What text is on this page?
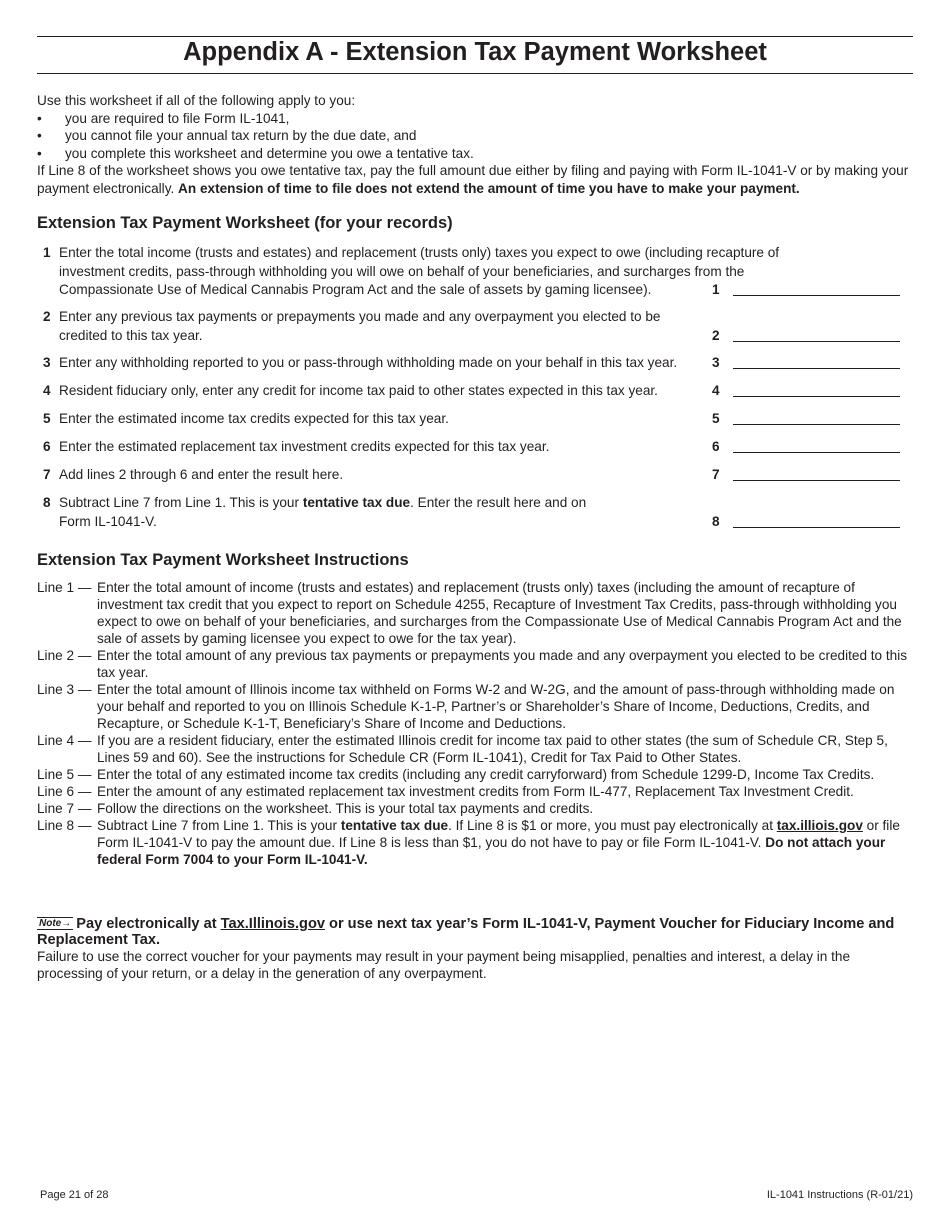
Appendix A - Extension Tax Payment Worksheet

Use this worksheet if all of the following apply to you:

• you are required to file Form IL-1041,
• you cannot file your annual tax return by the due date, and
• you complete this worksheet and determine you owe a tentative tax.

If Line 8 of the worksheet shows you owe tentative tax, pay the full amount due either by filing and paying with Form IL-1041-V or by making your payment electronically. An extension of time to file does not extend the amount of time you have to make your payment.

Extension Tax Payment Worksheet (for your records)
1 Enter the total income (trusts and estates) and replacement (trusts only) taxes you expect to owe (including recapture of investment credits, pass-through withholding you will owe on behalf of your beneficiaries, and surcharges from the Compassionate Use of Medical Cannabis Program Act and the sale of assets by gaming licensee).	1
2 Enter any previous tax payments or prepayments you made and any overpayment you elected to be credited to this tax year.	2
3 Enter any withholding reported to you or pass-through withholding made on your behalf in this tax year.	3
4 Resident fiduciary only, enter any credit for income tax paid to other states expected in this tax year.	4
5 Enter the estimated income tax credits expected for this tax year.	5
6 Enter the estimated replacement tax investment credits expected for this tax year.	6
7 Add lines 2 through 6 and enter the result here.	7
8 Subtract Line 7 from Line 1. This is your tentative tax due. Enter the result here and on Form IL-1041-V.	8
Extension Tax Payment Worksheet Instructions
Line 1 — Enter the total amount of income (trusts and estates) and replacement (trusts only) taxes (including the amount of recapture of investment tax credit that you expect to report on Schedule 4255, Recapture of Investment Tax Credits, pass-through withholding you expect to owe on behalf of your beneficiaries, and surcharges from the Compassionate Use of Medical Cannabis Program Act and the sale of assets by gaming licensee you expect to owe for the tax year).
Line 2 — Enter the total amount of any previous tax payments or prepayments you made and any overpayment you elected to be credited to this tax year.
Line 3 — Enter the total amount of Illinois income tax withheld on Forms W-2 and W-2G, and the amount of pass-through withholding made on your behalf and reported to you on Illinois Schedule K-1-P, Partner’s or Shareholder’s Share of Income, Deductions, Credits, and Recapture, or Schedule K-1-T, Beneficiary’s Share of Income and Deductions.
Line 4 — If you are a resident fiduciary, enter the estimated Illinois credit for income tax paid to other states (the sum of Schedule CR, Step 5, Lines 59 and 60). See the instructions for Schedule CR (Form IL-1041), Credit for Tax Paid to Other States.
Line 5 — Enter the total of any estimated income tax credits (including any credit carryforward) from Schedule 1299-D, Income Tax Credits.
Line 6 — Enter the amount of any estimated replacement tax investment credits from Form IL-477, Replacement Tax Investment Credit.
Line 7 — Follow the directions on the worksheet. This is your total tax payments and credits.
Line 8 — Subtract Line 7 from Line 1. This is your tentative tax due. If Line 8 is $1 or more, you must pay electronically at tax.illiois.gov or file Form IL-1041-V to pay the amount due. If Line 8 is less than $1, you do not have to pay or file Form IL-1041-V. Do not attach your federal Form 7004 to your Form IL-1041-V.
Note→ Pay electronically at Tax.Illinois.gov or use next tax year’s Form IL-1041-V, Payment Voucher for Fiduciary Income and Replacement Tax.
Failure to use the correct voucher for your payments may result in your payment being misapplied, penalties and interest, a delay in the processing of your return, or a delay in the generation of any overpayment.
Page 21 of 28	IL-1041 Instructions (R-01/21)
